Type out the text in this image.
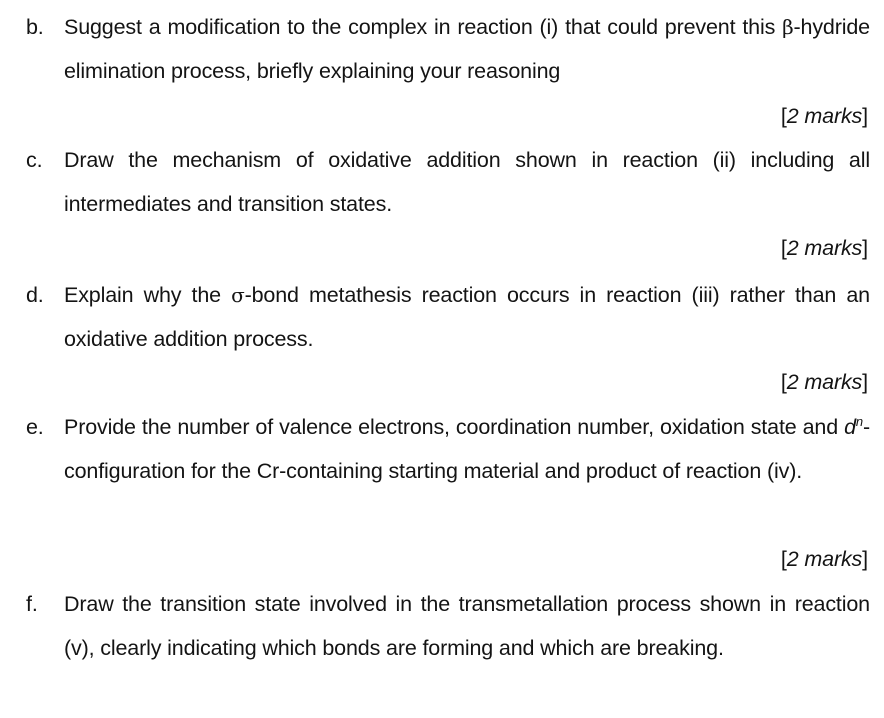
b. Suggest a modification to the complex in reaction (i) that could prevent this β-hydride elimination process, briefly explaining your reasoning
[2 marks]
c. Draw the mechanism of oxidative addition shown in reaction (ii) including all intermediates and transition states.
[2 marks]
d. Explain why the σ-bond metathesis reaction occurs in reaction (iii) rather than an oxidative addition process.
[2 marks]
e. Provide the number of valence electrons, coordination number, oxidation state and $d^n$-configuration for the Cr-containing starting material and product of reaction (iv).
[2 marks]
f. Draw the transition state involved in the transmetallation process shown in reaction (v), clearly indicating which bonds are forming and which are breaking.
